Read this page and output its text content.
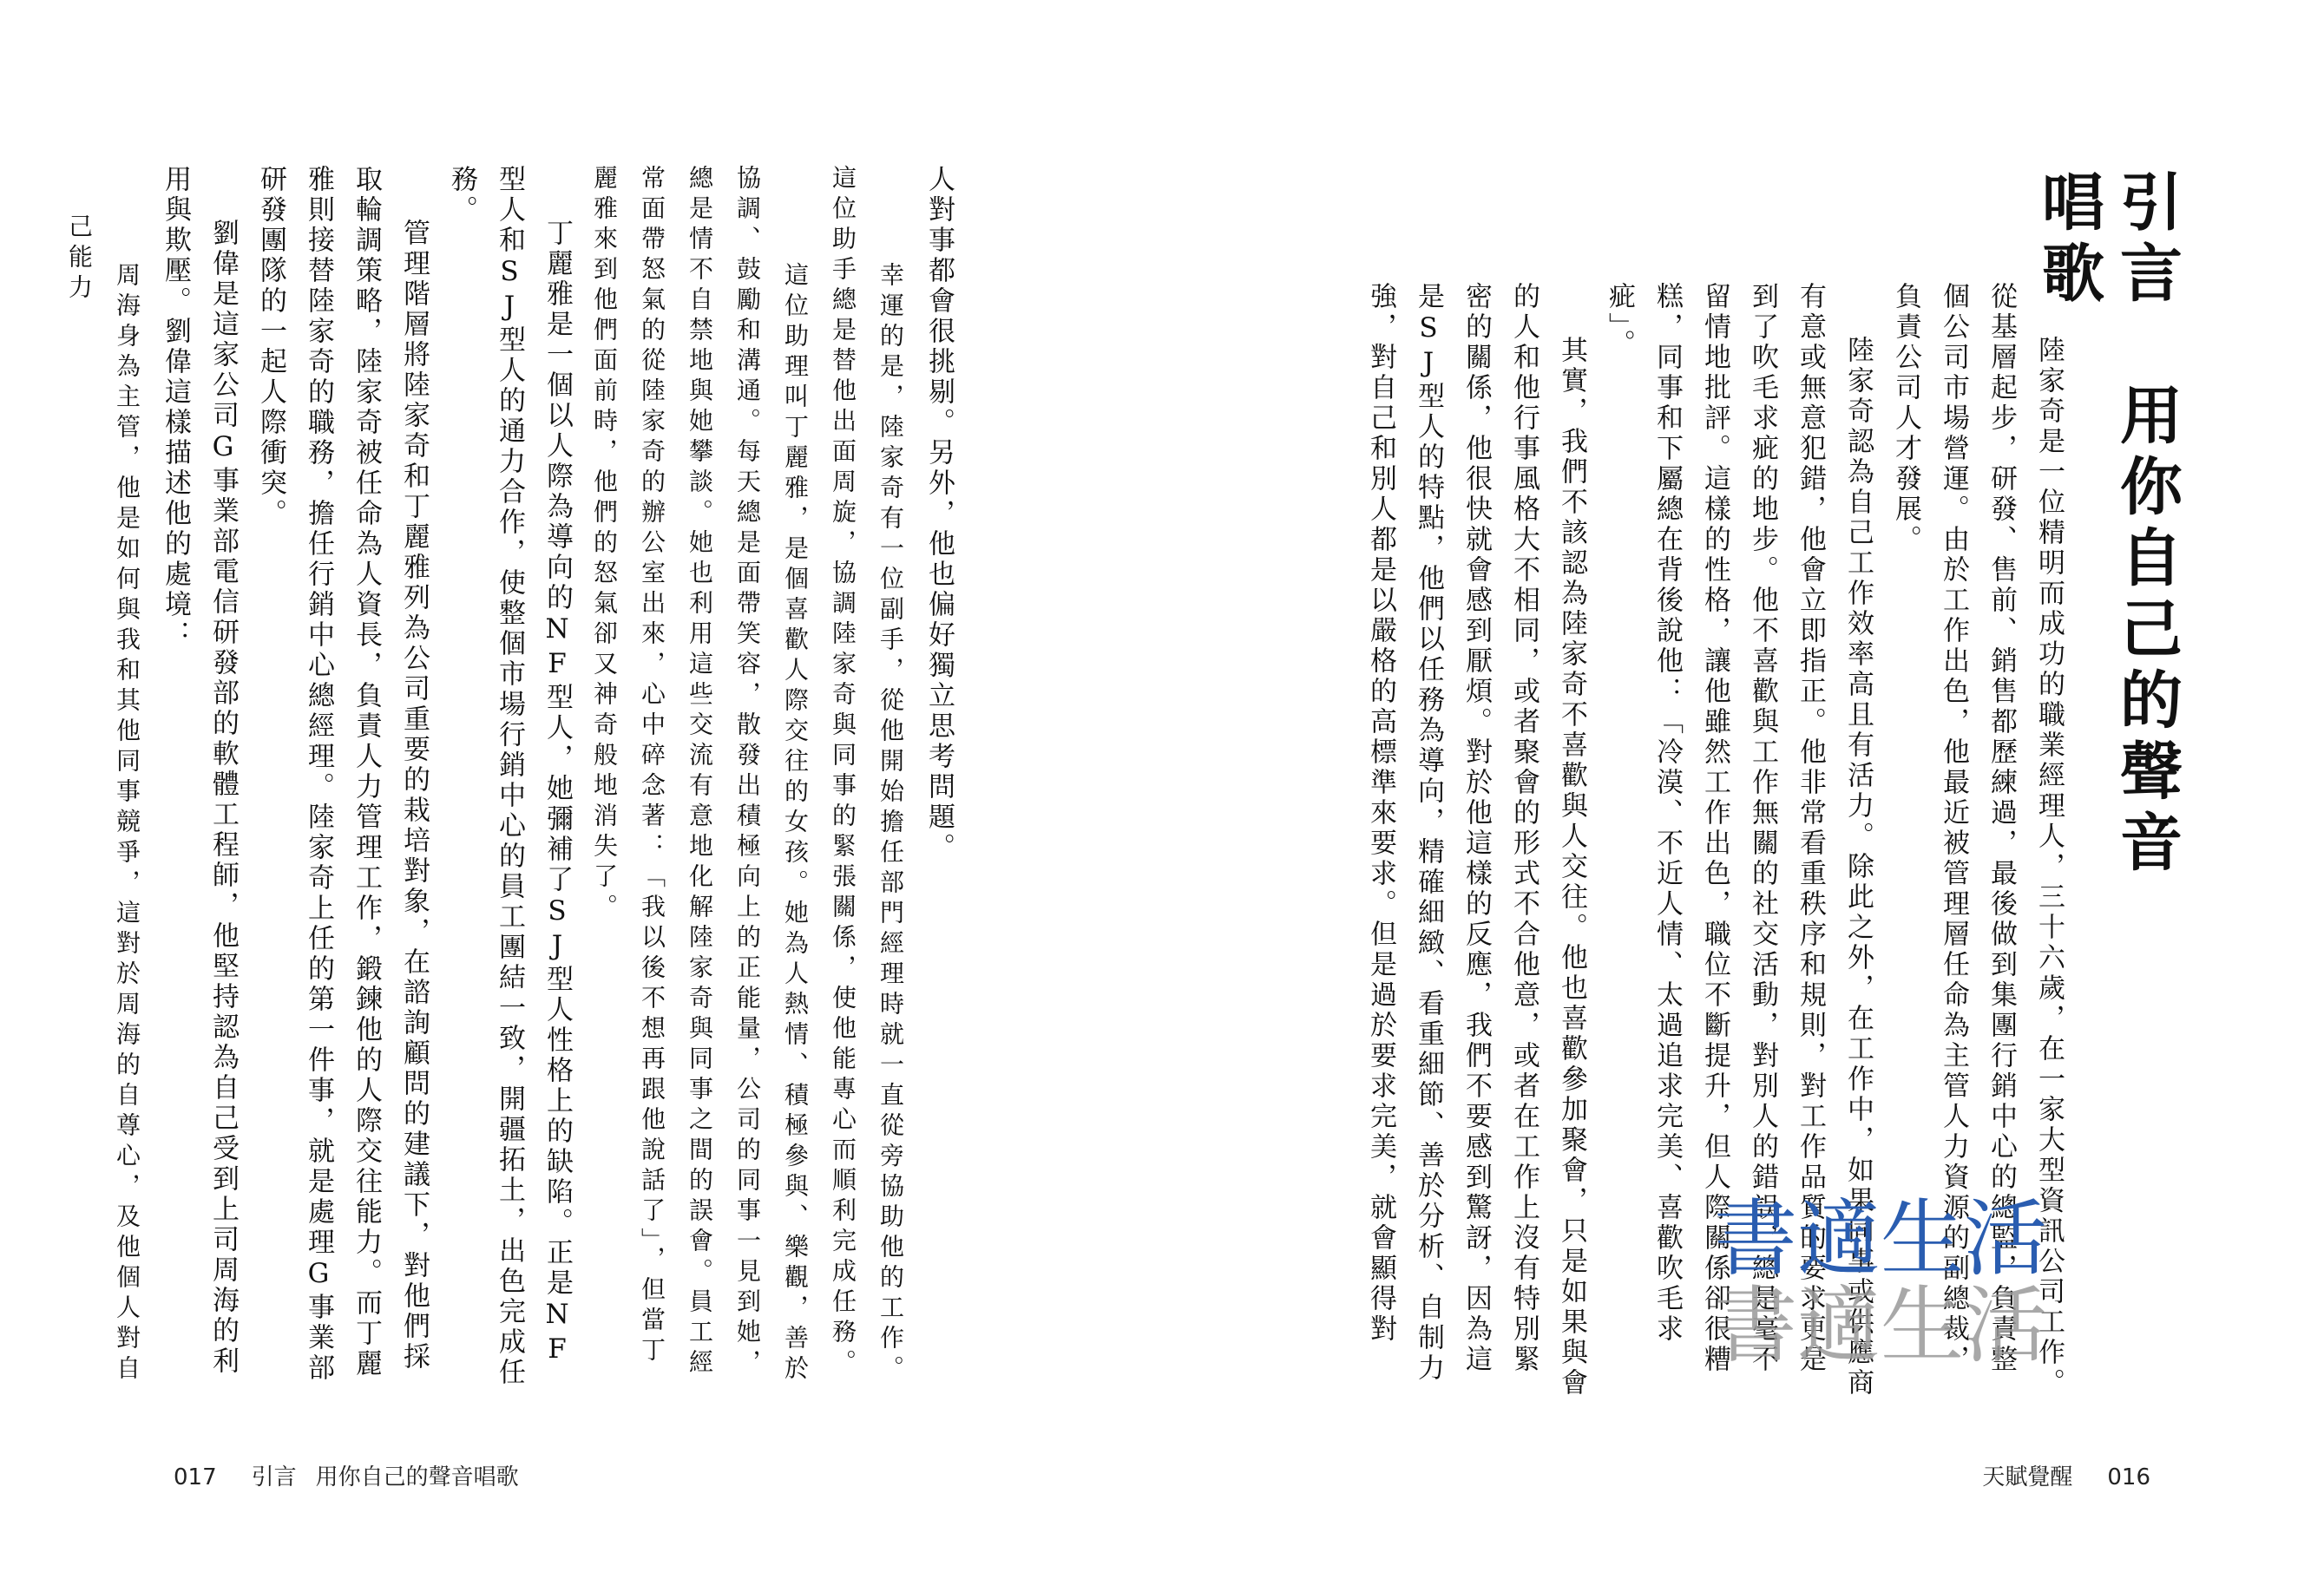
引言　用你自己的聲音唱歌

陸家奇是一位精明而成功的職業經理人，三十六歲，在一家大型資訊公司工作。從基層起步，研發、售前、銷售都歷練過，最後做到集團行銷中心的總監，負責整個公司市場營運。由於工作出色，他最近被管理層任命為主管人力資源的副總裁，負責公司人才發展。

陸家奇認為自己工作效率高且有活力。除此之外，在工作中，如果同事或供應商有意或無意犯錯，他會立即指正。他非常看重秩序和規則，對工作品質的要求更是到了吹毛求疵的地步。他不喜歡與工作無關的社交活動，對別人的錯誤，總是毫不留情地批評。這樣的性格，讓他雖然工作出色，職位不斷提升，但人際關係卻很糟糕，同事和下屬總在背後說他：「冷漠、不近人情、太過追求完美、喜歡吹毛求疵」。

其實，我們不該認為陸家奇不喜歡與人交往。他也喜歡參加聚會，只是如果與會的人和他行事風格大不相同，或者聚會的形式不合他意，或者在工作上沒有特別緊密的關係，他很快就會感到厭煩。對於他這樣的反應，我們不要感到驚訝，因為這是SJ型人的特點，他們以任務為導向，精確細緻、看重細節、善於分析、自制力強，對自己和別人都是以嚴格的高標準來要求。但是過於要求完美，就會顯得對

天賦覺醒 016

人對事都會很挑剔。另外，他也偏好獨立思考問題。

幸運的是，陸家奇有一位副手，從他開始擔任部門經理時就一直從旁協助他的工作。這位助手總是替他出面周旋，協調陸家奇與同事的緊張關係，使他能專心而順利完成任務。

這位助理叫丁麗雅，是個喜歡人際交往的女孩。她為人熱情、積極參與、樂觀，善於協調、鼓勵和溝通。每天總是面帶笑容，散發出積極向上的正能量，公司的同事一見到她，總是情不自禁地與她攀談。她也利用這些交流有意地化解陸家奇與同事之間的誤會。員工經常面帶怒氣的從陸家奇的辦公室出來，心中碎念著：「我以後不想再跟他說話了」，但當丁麗雅來到他們面前時，他們的怒氣卻又神奇般地消失了。

丁麗雅是一個以人際為導向的NF型人，她彌補了SJ型人性格上的缺陷。正是NF型人和SJ型人的通力合作，使整個市場行銷中心的員工團結一致，開疆拓土，出色完成任務。

管理階層將陸家奇和丁麗雅列為公司重要的栽培對象，在諮詢顧問的建議下，對他們採取輪調策略，陸家奇被任命為人資長，負責人力管理工作，鍛鍊他的人際交往能力。而丁麗雅則接替陸家奇的職務，擔任行銷中心總經理。陸家奇上任的第一件事，就是處理G事業部研發團隊的一起人際衝突。

劉偉是這家公司G事業部電信研發部的軟體工程師，他堅持認為自己受到上司周海的利用與欺壓。劉偉這樣描述他的處境：

周海身為主管，他是如何與我和其他同事競爭，這對於周海的自尊心，及他個人對自己能力

017 引言 用你自己的聲音唱歌
書適生活
書適生活
